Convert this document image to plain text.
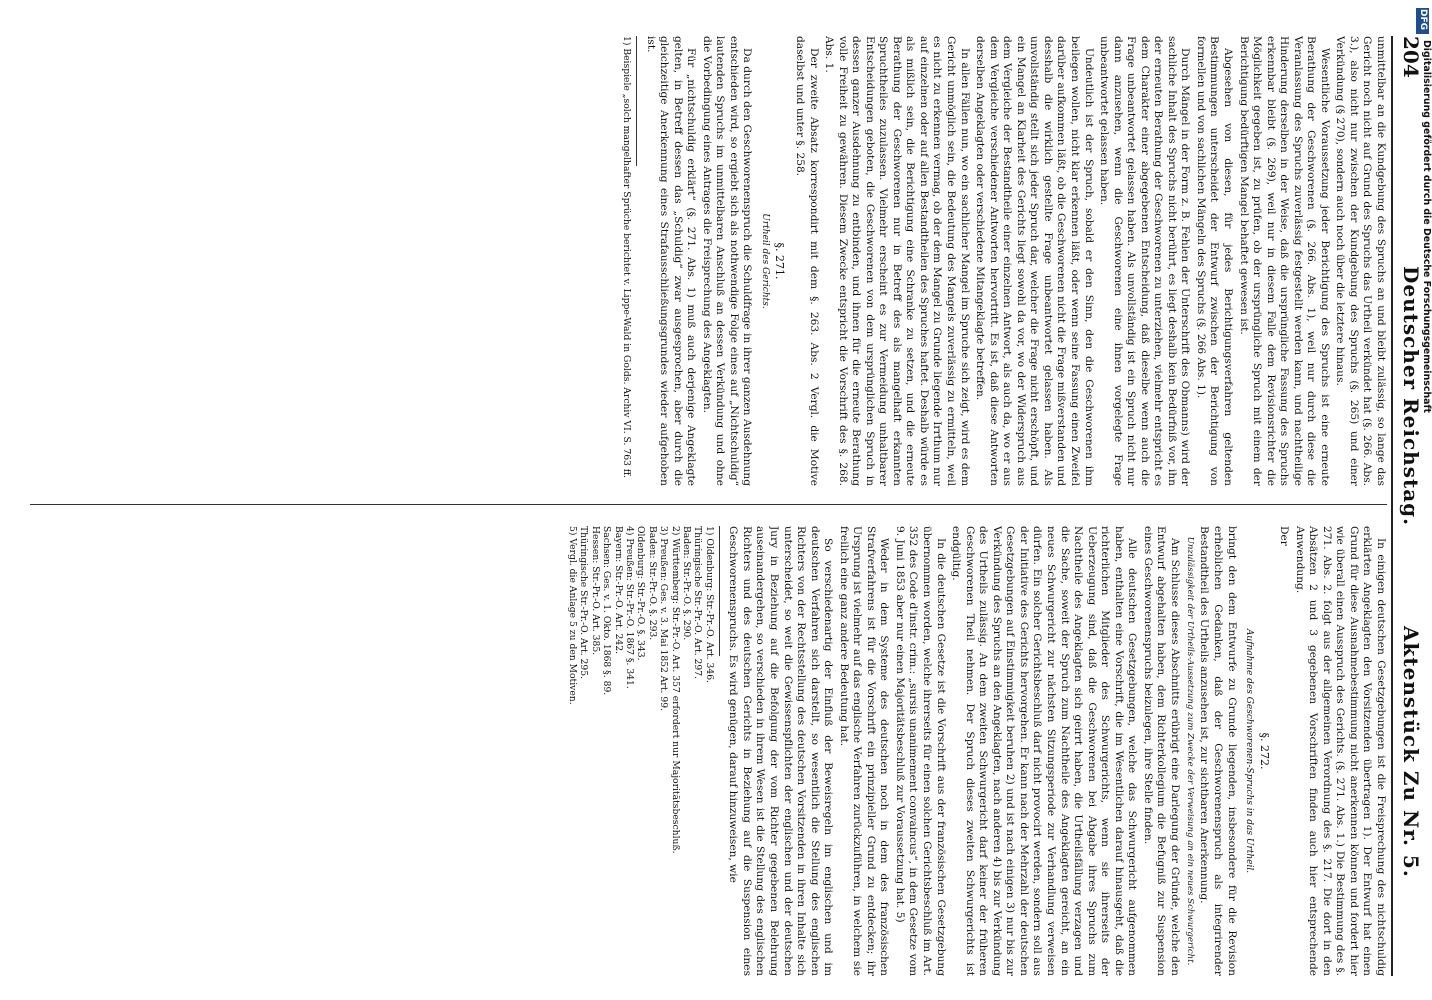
204
Deutscher Reichstag.
Aktenstück Zu Nr. 5.

unmittelbar an die Kundgebung des Spruchs an und bleibt zulässig, so lange das Gericht noch nicht auf Grund des Spruchs das Urtheil verkündet hat (§. 266. Abs. 3.), also nicht nur zwischen der Kundgebung des Spruchs (§. 265) und einer Verkündung (§ 270), sondern auch noch über die letztere hinaus.

Wesentliche Voraussetzung jeder Berichtigung des Spruchs ist eine erneute Berathung der Geschworenen (§. 266. Abs. 1), weil nur durch diese die Veranlassung des Spruchs zuverlässig festgestellt werden kann, und nachtheilige Hinderung derselben in der Weise, daß die ursprüngliche Fassung des Spruchs erkennbar bleibt (§. 269), weil nur in diesem Falle dem Revisionsrichter die Möglichkeit gegeben ist, zu prüfen, ob der ursprüngliche Spruch mit einem der Berichtigung bedürftigen Mangel behaftet gewesen ist.

Abgesehen von diesen, für jedes Berichtigungsverfahren geltenden Bestimmungen unterscheidet der Entwurf zwischen der Berichtigung von formellen und von sachlichen Mängeln des Spruchs (§. 266 Abs. 1).

Durch Mängel in der Form z. B. Fehlen der Unterschrift des Obmanns) wird der sachliche Inhalt des Spruchs nicht berührt, es liegt deshalb kein Bedürfniß vor, ihn der erneuten Berathung der Geschworenen zu unterziehen, vielmehr entspricht es dem Charakter einer abgegebenen Entscheidung, daß dieselbe wenn auch die Frage unbeantwortet gelassen haben. Als unvollständig ist ein Spruch nicht nur dann anzusehen, wenn die Geschworenen eine ihnen vorgelegte Frage unbeantwortet gelassen haben.

Undeutlich ist der Spruch, sobald er den Sinn, den die Geschworenen ihm beilegen wollen, nicht klar erkennen läßt, oder wenn seine Fassung einen Zweifel darüber aufkommen läßt, ob die Geschworenen nicht die Frage mißverstanden und desshalb die wirklich gestellte Frage unbeantwortet gelassen haben. Als unvollständig stellt sich jeder Spruch dar, welcher die Frage nicht erschöpft, und ein Mangel an Klarheit des Gerichts liegt sowohl da vor, wo der Widerspruch aus dem Vergleiche der Bestandtheile einer einzelnen Antwort, als auch da, wo er aus dem Vergleiche verschiedener Antworten hervortritt. Es ist, daß diese Antworten derselben Angeklagten oder verschiedene Mitangeklagte betreffen.

In allen Fällen nun, wo ein sachlicher Mangel im Spruche sich zeigt, wird es dem Gericht unmöglich sein, die Bedeutung des Mangels zuverlässig zu ermitteln, weil es nicht zu erkennen vermag, ob der dem Mangel zu Grunde liegende Irrthum nur auf einzelnen oder auf allen Bestandtheilen des Spruches haftet. Deshalb würde es als mißlich sein, die Berichtigung eine Schranke zu setzen, und die erneute Berathung der Geschworenen nur in Betreff des als mangelhaft erkannten Spruchtheiles zuzulassen. Vielmehr erscheint es zur Vermeidung unhaltbarer Entscheidungen geboten, die Geschworenen von dem ursprünglichen Spruch in dessen ganzer Ausdehnung zu entbinden, und ihnen für die erneute Berathung volle Freiheit zu gewähren. Diesem Zwecke entspricht die Vorschrift des §. 268. Abs. 1.

Der zweite Absatz korrespondirt mit dem §. 263. Abs. 2 Vergl. die Motive daselbst und unter §. 258.

§. 271.
Urtheil des Gerichts.

Da durch den Geschworenenspruch die Schuldfrage in ihrer ganzen Ausdehnung entschieden wird, so ergiebt sich als nothwendige Folge eines auf „Nichtschuldig“ lautenden Spruchs im unmittelbaren Anschluß an dessen Verkündung und ohne die Vorbedingung eines Antrages die Freisprechung des Angeklagten.

Für „nichtschuldig erklärt“ (§. 271. Abs. 1) muß auch derjenige Angeklagte gelten, in Betreff dessen das „Schuldig“ zwar ausgesprochen, aber durch die gleichzeitige Anerkennung eines Strafausschließungsgrundes wieder aufgehoben ist.

1) Beispiele „solch mangelhafter Sprüche berichtet v. Lippe-Wald in Golds. Archiv VI. S. 763 ff.

In einigen deutschen Gesetzgebungen ist die Freisprechung des nichtschuldig erklärten Angeklagten den Vorsitzenden übertragen 1). Der Entwurf hat einen Grund für diese Ausnahmebestimmung nicht anerkennen können und fordert hier wie überall einen Ausspruch des Gerichts. (§. 271. Abs. 1.) Die Bestimmung des §. 271. Abs. 2. folgt aus der allgemeinen Verordnung des §. 217. Die dort in den Absätzen 2 und 3 gegebenen Vorschriften finden auch hier entsprechende Anwendung.

Der

§. 272.
Aufnahme des Geschworenen-Spruchs in das Urtheil.

bringt den dem Entwurfe zu Grunde liegenden, insbesondere für die Revision erheblichen Gedanken, daß der Geschworenenspruch als integrirender Bestandtheil des Urtheils anzusehen ist, zur sichtbaren Anerkennung.

Unzulässigkeit der Urtheils-Aussetzung zum Zwecke der Verweisung an ein neues Schwurgericht.

Am Schlusse dieses Abschnitts erübrigt eine Darlegung der Gründe, welche den Entwurf abgehalten haben, dem Richterkollegium die Befugniß zur Suspension eines Geschworenenspruchs beizulegen, ihre Stelle finden.

Alle deutschen Gesetzgebungen, welche das Schwurgericht aufgenommen haben, enthalten eine Vorschrift, die im Wesentlichen darauf hinausgeht, daß die richterlichen Mitglieder des Schwurgerichts, wenn sie ihrerseits der Ueberzeugung sind, daß die Geschworenen bei Abgabe ihres Spruchs zum Nachtheile des Angeklagten sich geirrt haben, die Urtheilsfällung verzagen und die Sache, soweit der Spruch zum Nachtheile des Angeklagten gereicht, an ein neues Schwurgericht zur nächsten Sitzungsperiode zur Verhandlung verweisen dürfen. Ein solcher Gerichtsbeschluß darf nicht provocirt werden, sondern soll aus der Initiative des Gerichts hervorgehen. Er kann nach der Mehrzahl der deutschen Gesetzgebungen auf Einstimmigkeit beruhen 2) und ist nach einigen 3) nur bis zur Verkündung des Spruchs an den Angeklagten, nach anderen 4) bis zur Verkündung des Urtheils zulässig. An dem zweiten Schwurgericht darf keiner der früheren Geschworenen Theil nehmen. Der Spruch dieses zweiten Schwurgerichts ist endgültig.

In die deutschen Gesetze ist die Vorschrift aus der französischen Gesetzgebung übernommen worden, welche ihrerseits für einen solchen Gerichtsbeschluß im Art. 352 des Code d'instr. crim.: „sursis unanimement convaincus“, in dem Gesetze vom 9. Juni 1853 aber nur einen Majoritätsbeschluß zur Voraussetzung hat. 5)

Weder in dem Systeme des deutschen noch in dem des französischen Strafverfahrens ist für die Vorschrift ein prinzipieller Grund zu entdecken; ihr Ursprung ist vielmehr auf das englische Verfahren zurückzuführen, in welchem sie freilich eine ganz andere Bedeutung hat.

So verschiedenartig der Einfluß der Beweisregeln im englischen und im deutschen Verfahren sich darstellt, so wesentlich die Stellung des englischen Richters von der Rechtsstellung des deutschen Vorsitzenden in ihren Inhalte sich unterscheidet, so weit die Gewissenspflichten der englischen und der deutschen Jury in Beziehung auf die Befolgung der vom Richter gegebenen Belehrung auseinandergehen, so verschieden in ihrem Wesen ist die Stellung des englischen Richters und des deutschen Gerichts in Beziehung auf die Suspension eines Geschworenenspruchs. Es wird genügen, darauf hinzuweisen, wie

1) Oldenburg: Str.-Pr.-O. Art. 346.
Thüringische Str.-Pr.-O. Art. 297.
Baden: Str.-Pr.-O. §. 290.
2) Württemberg: Str.-Pr.-O. Art. 357 erfordert nur Majoritätsbeschluß.
3) Preußen: Ges. v. 3. Mai 1852 Art. 99.
Baden: Str.-Pr.-O. §. 293.
Oldenburg: Str.-Pr.-O. §. 343.
4) Preußen: Str.-Pr.-O. 1867 §. 341.
Bayern: Str.-Pr.-O. Art. 242.
Sachsen: Ges. v. 1. Okto. 1868 §. 89.
Hessen: Str.-Pr.-O. Art. 385.
Thüringische Str.-Pr.-O. Art. 295.
5) Vergl. die Anlage 5 zu den Motiven.
DFG
Digitalisierung gefördert durch die Deutsche Forschungsgemeinschaft
